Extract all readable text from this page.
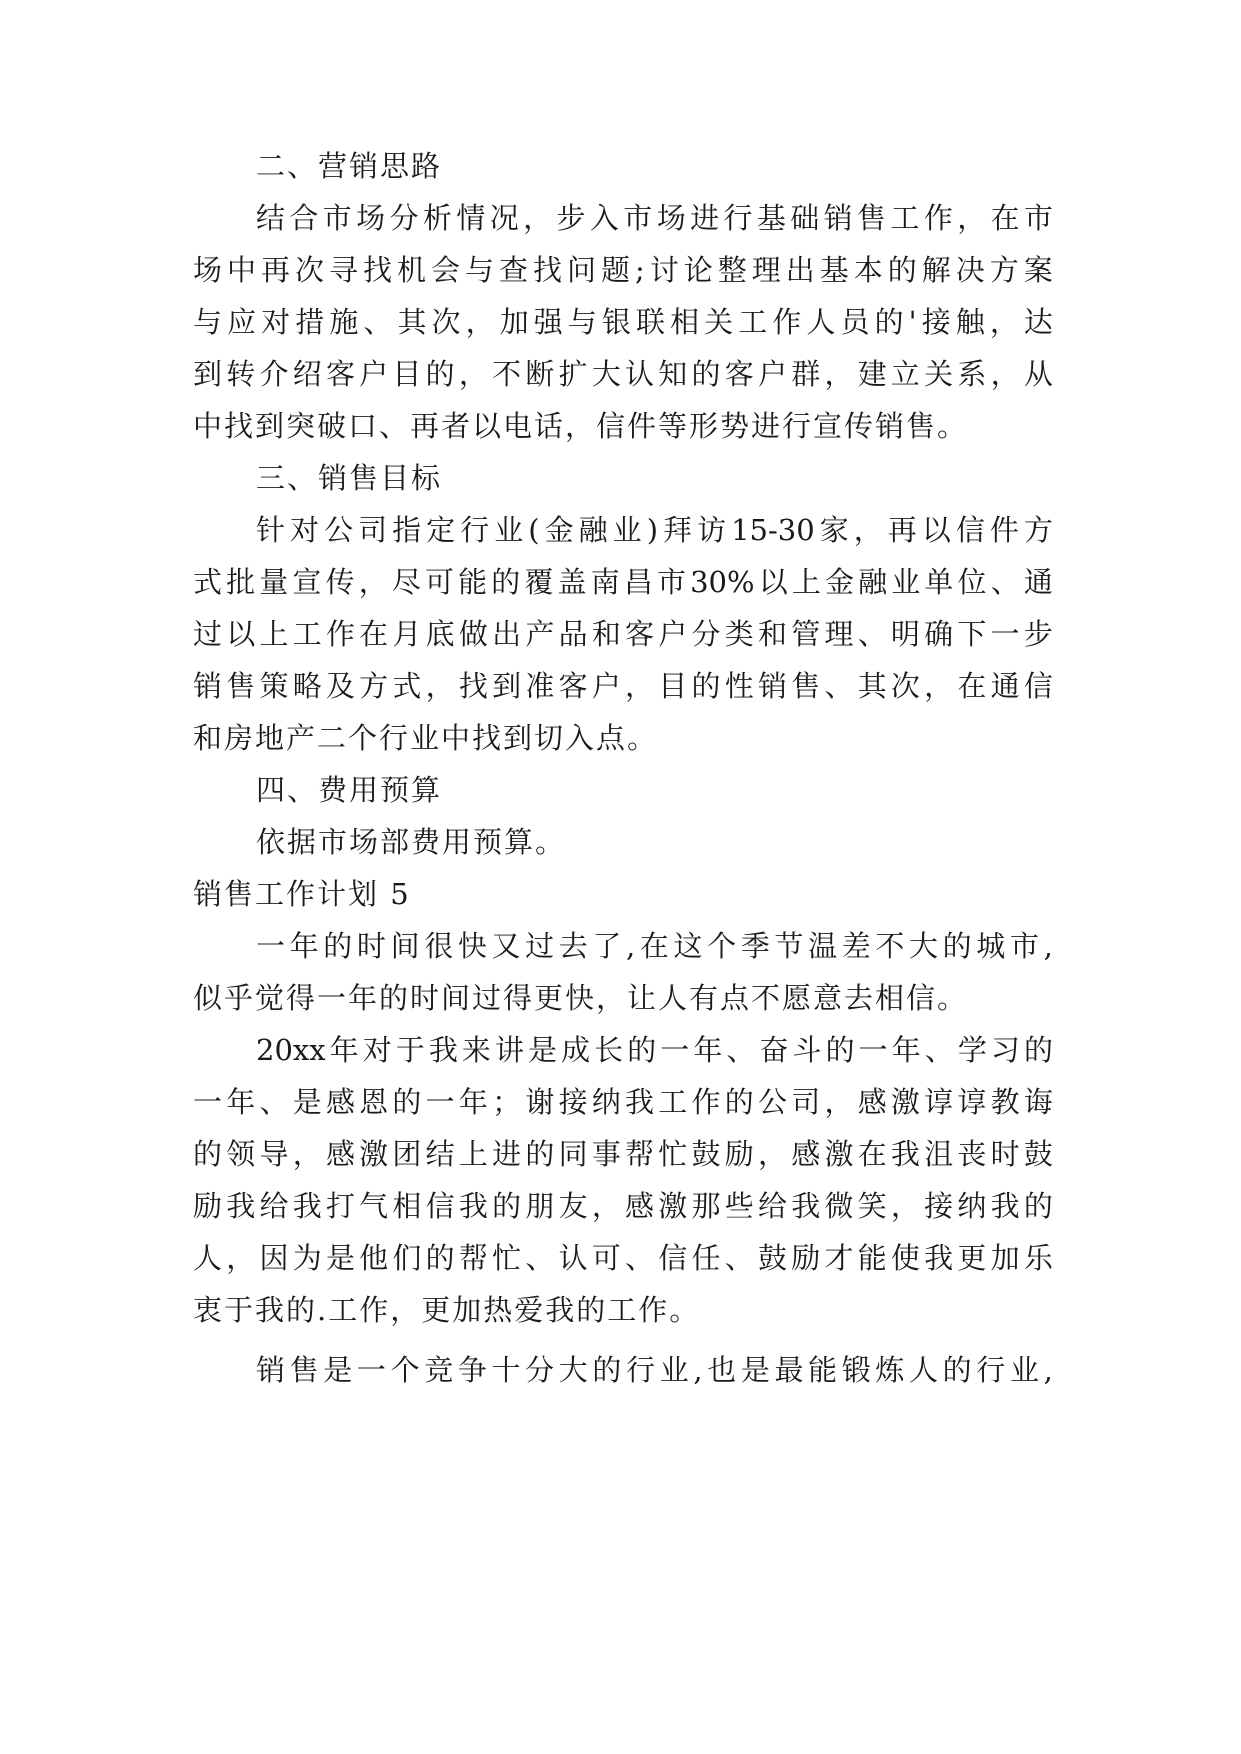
二、营销思路
结 合 市 场 分 析 情 况 ， 步 入 市 场 进 行 基 础 销 售 工 作 ， 在 市
场 中 再 次 寻 找 机 会 与 查 找 问 题 ; 讨 论 整 理 出 基 本 的 解 决 方 案
与 应 对 措 施 、 其 次 ， 加 强 与 银 联 相 关 工 作 人 员 的 ' 接 触 ， 达
到 转 介 绍 客 户 目 的 ， 不 断 扩 大 认 知 的 客 户 群 ， 建 立 关 系 ， 从
中找到突破口、再者以电话，信件等形势进行宣传销售。
三、销售目标
针 对 公 司 指 定 行 业 ( 金 融 业 ) 拜 访 15-30 家 ， 再 以 信 件 方
式 批 量 宣 传 ， 尽 可 能 的 覆 盖 南 昌 市 30% 以 上 金 融 业 单 位 、 通
过 以 上 工 作 在 月 底 做 出 产 品 和 客 户 分 类 和 管 理 、 明 确 下 一 步
销 售 策 略 及 方 式 ， 找 到 准 客 户 ， 目 的 性 销 售 、 其 次 ， 在 通 信
和房地产二个行业中找到切入点。
四、费用预算
依据市场部费用预算。
销售工作计划 5
一 年 的 时 间 很 快 又 过 去 了 , 在 这 个 季 节 温 差 不 大 的 城 市 ,
似乎觉得一年的时间过得更快，让人有点不愿意去相信。
20xx 年 对 于 我 来 讲 是 成 长 的 一 年 、 奋 斗 的 一 年 、 学 习 的
一 年 、 是 感 恩 的 一 年 ； 谢 接 纳 我 工 作 的 公 司 ， 感 激 谆 谆 教 诲
的 领 导 ， 感 激 团 结 上 进 的 同 事 帮 忙 鼓 励 ， 感 激 在 我 沮 丧 时 鼓
励 我 给 我 打 气 相 信 我 的 朋 友 ， 感 激 那 些 给 我 微 笑 ， 接 纳 我 的
人 ， 因 为 是 他 们 的 帮 忙 、 认 可 、 信 任 、 鼓 励 才 能 使 我 更 加 乐
衷于我的.工作，更加热爱我的工作。
销 售 是 一 个 竞 争 十 分 大 的 行 业 , 也 是 最 能 锻 炼 人 的 行 业 ,
